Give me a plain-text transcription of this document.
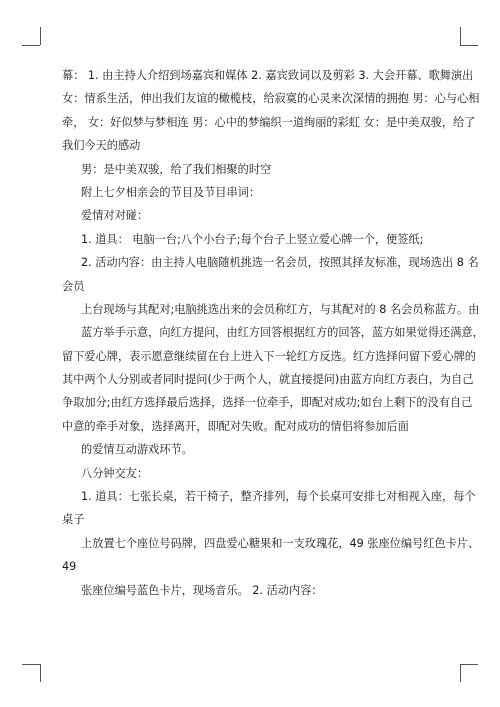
幕： 1. 由主持人介绍到场嘉宾和媒体 2. 嘉宾致词以及剪彩 3. 大会开幕、歌舞演出
女：情系生活，伸出我们友谊的橄榄枝，给寂寞的心灵来次深情的拥抱 男：心与心相
牵， 女：好似梦与梦相连 男：心中的梦编织一道绚丽的彩虹 女：是中美双骏，给了
我们今天的感动
男：是中美双骏，给了我们相聚的时空
附上七夕相亲会的节目及节目串词：
爱情对对碰：
1. 道具： 电脑一台;八个小台子;每个台子上竖立爱心牌一个，便签纸;
2. 活动内容：由主持人电脑随机挑选一名会员，按照其择友标准，现场选出 8 名
会员
上台现场与其配对;电脑挑选出来的会员称红方，与其配对的 8 名会员称蓝方。由
蓝方举手示意，向红方提问，由红方回答根据红方的回答，蓝方如果觉得还满意，
留下爱心牌，表示愿意继续留在台上进入下一轮红方反选。红方选择问留下爱心牌的
其中两个人分别或者同时提问(少于两个人，就直接提问)由蓝方向红方表白，为自己
争取加分;由红方选择最后选择，选择一位牵手，即配对成功;如台上剩下的没有自己
中意的牵手对象，选择离开，即配对失败。配对成功的情侣将参加后面
的爱情互动游戏环节。
八分钟交友：
1. 道具：七张长桌，若干椅子，整齐排列，每个长桌可安排七对相视入座，每个
桌子
上放置七个座位号码牌，四盘爱心糖果和一支玫瑰花，49 张座位编号红色卡片、
49
张座位编号蓝色卡片，现场音乐。 2. 活动内容：
